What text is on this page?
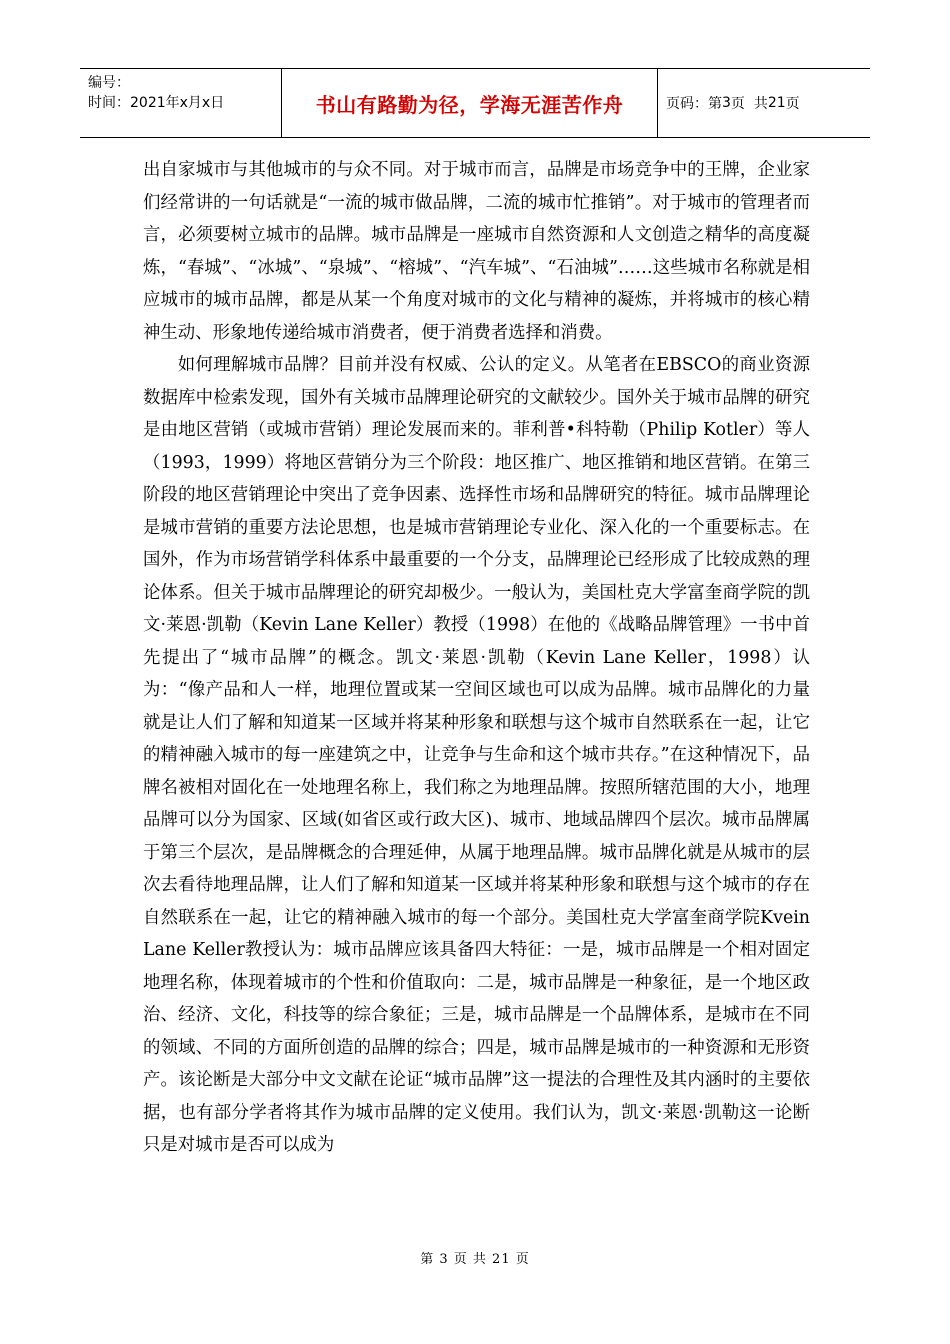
编号：
时间：2021年x月x日	书山有路勤为径，学海无涯苦作舟	页码：第 3 页  共 21 页

出自家城市与其他城市的与众不同。对于城市而言，品牌是市场竞争中的王牌，企业家们经常讲的一句话就是“一流的城市做品牌，二流的城市忙推销”。对于城市的管理者而言，必须要树立城市的品牌。城市品牌是一座城市自然资源和人文创造之精华的高度凝炼，“春城”、“冰城”、“泉城”、“榕城”、“汽车城”、“石油城”……这些城市名称就是相应城市的城市品牌，都是从某一个角度对城市的文化与精神的凝炼，并将城市的核心精神生动、形象地传递给城市消费者，便于消费者选择和消费。

如何理解城市品牌？目前并没有权威、公认的定义。从笔者在EBSCO的商业资源数据库中检索发现，国外有关城市品牌理论研究的文献较少。国外关于城市品牌的研究是由地区营销（或城市营销）理论发展而来的。菲利普•科特勒（Philip Kotler）等人（1993，1999）将地区营销分为三个阶段：地区推广、地区推销和地区营销。在第三阶段的地区营销理论中突出了竞争因素、选择性市场和品牌研究的特征。城市品牌理论是城市营销的重要方法论思想，也是城市营销理论专业化、深入化的一个重要标志。在国外，作为市场营销学科体系中最重要的一个分支，品牌理论已经形成了比较成熟的理论体系。但关于城市品牌理论的研究却极少。一般认为，美国杜克大学富奎商学院的凯文·莱恩·凯勒（Kevin Lane Keller）教授（1998）在他的《战略品牌管理》一书中首先提出了“城市品牌”的概念。凯文·莱恩·凯勒（Kevin Lane Keller，1998）认为：“像产品和人一样，地理位置或某一空间区域也可以成为品牌。城市品牌化的力量就是让人们了解和知道某一区域并将某种形象和联想与这个城市自然联系在一起，让它的精神融入城市的每一座建筑之中，让竞争与生命和这个城市共存。”在这种情况下，品牌名被相对固化在一处地理名称上，我们称之为地理品牌。按照所辖范围的大小，地理品牌可以分为国家、区域(如省区或行政大区)、城市、地域品牌四个层次。城市品牌属于第三个层次，是品牌概念的合理延伸，从属于地理品牌。城市品牌化就是从城市的层次去看待地理品牌，让人们了解和知道某一区域并将某种形象和联想与这个城市的存在自然联系在一起，让它的精神融入城市的每一个部分。美国杜克大学富奎商学院Kvein Lane Keller教授认为：城市品牌应该具备四大特征：一是，城市品牌是一个相对固定地理名称，体现着城市的个性和价值取向：二是，城市品牌是一种象征，是一个地区政治、经济、文化，科技等的综合象征；三是，城市品牌是一个品牌体系，是城市在不同的领域、不同的方面所创造的品牌的综合；四是，城市品牌是城市的一种资源和无形资产。该论断是大部分中文文献在论证“城市品牌”这一提法的合理性及其内涵时的主要依据，也有部分学者将其作为城市品牌的定义使用。我们认为，凯文·莱恩·凯勒这一论断只是对城市是否可以成为

第 3 页 共 21 页
